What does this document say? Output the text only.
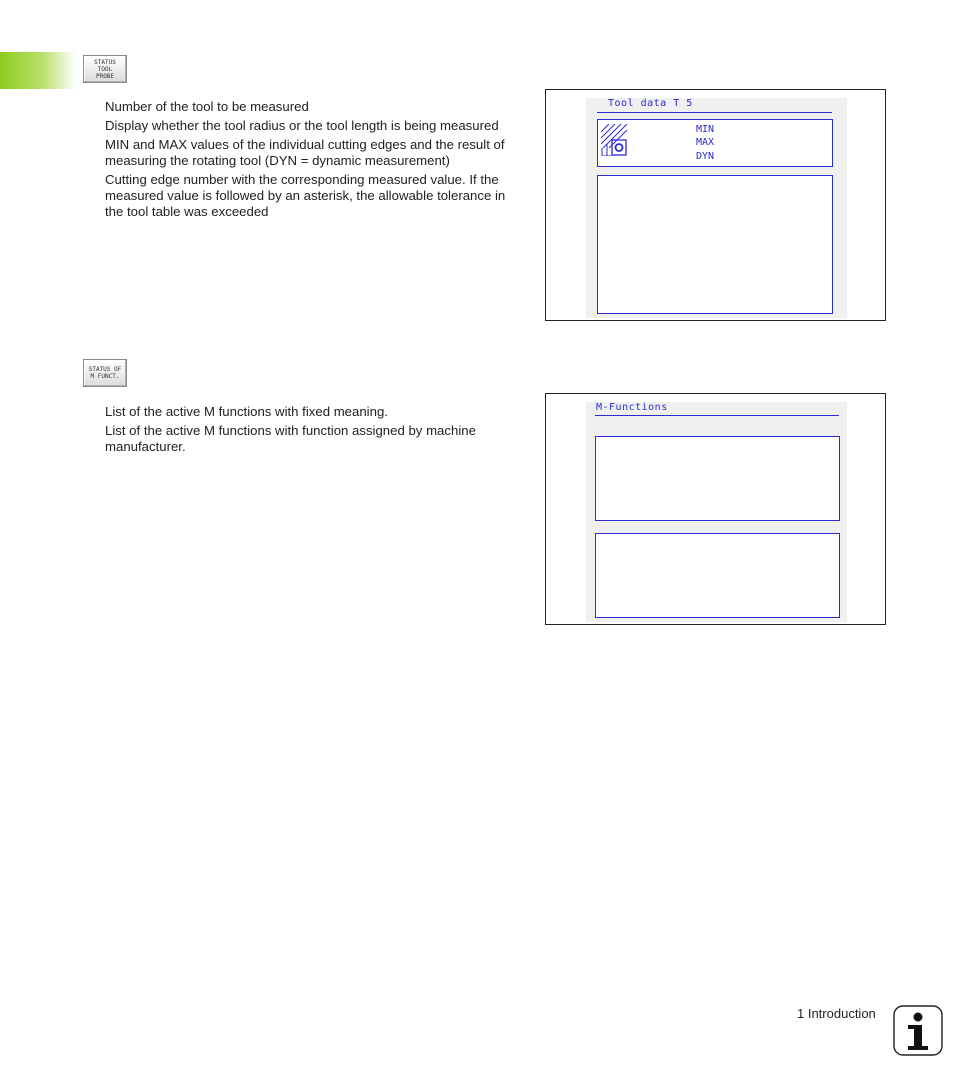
STATUS
TOOL
PROBE

Number of the tool to be measured

Display whether the tool radius or the tool length is being measured

MIN and MAX values of the individual cutting edges and the result of measuring the rotating tool (DYN = dynamic measurement)

Cutting edge number with the corresponding measured value. If the measured value is followed by an asterisk, the allowable tolerance in the tool table was exceeded

Tool data T 5
MIN
MAX
DYN
STATUS OF
M FUNCT.

List of the active M functions with fixed meaning.

List of the active M functions with function assigned by machine manufacturer.

M-Functions
1 Introduction
